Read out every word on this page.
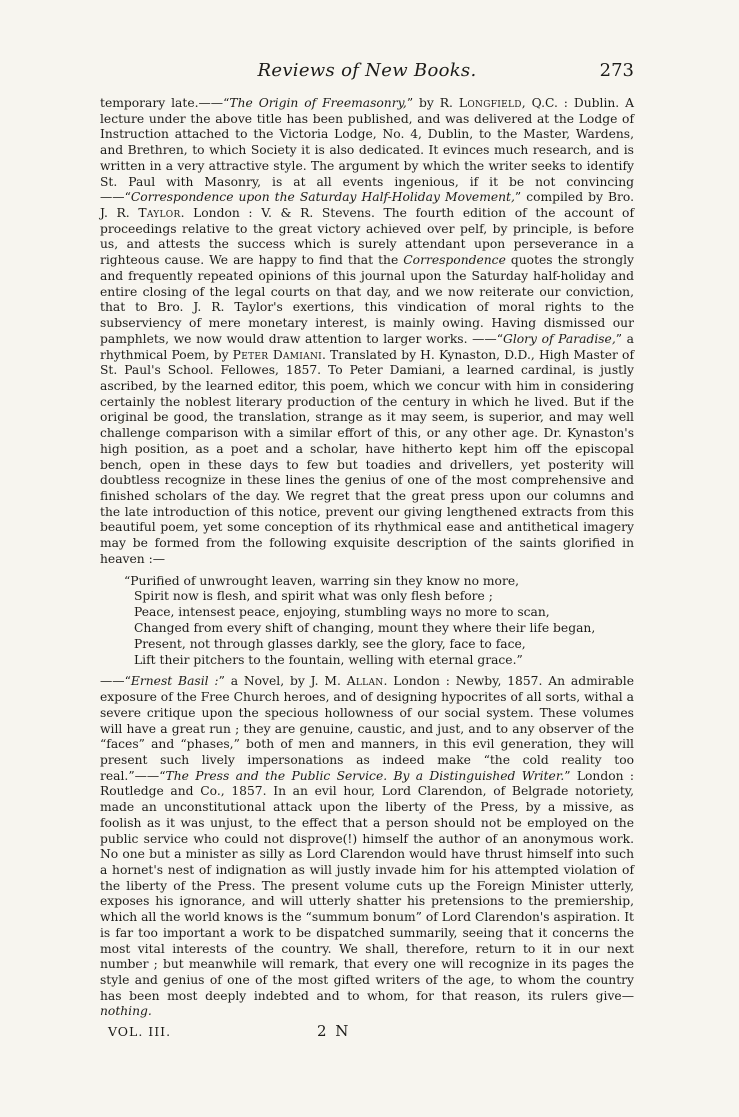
Reviews of New Books.	273

temporary late.——“The Origin of Freemasonry,” by R. Longfield, Q.C. : Dublin. A lecture under the above title has been published, and was delivered at the Lodge of Instruction attached to the Victoria Lodge, No. 4, Dublin, to the Master, Wardens, and Brethren, to which Society it is also dedicated. It evinces much research, and is written in a very attractive style. The argument by which the writer seeks to identify St. Paul with Masonry, is at all events ingenious, if it be not convincing——“Correspondence upon the Saturday Half-Holiday Movement,” compiled by Bro. J. R. Taylor. London : V. & R. Stevens. The fourth edition of the account of proceedings relative to the great victory achieved over pelf, by principle, is before us, and attests the success which is surely attendant upon perseverance in a righteous cause. We are happy to find that the Correspondence quotes the strongly and frequently repeated opinions of this journal upon the Saturday half-holiday and entire closing of the legal courts on that day, and we now reiterate our conviction, that to Bro. J. R. Taylor's exertions, this vindication of moral rights to the subserviency of mere monetary interest, is mainly owing. Having dismissed our pamphlets, we now would draw attention to larger works. ——“Glory of Paradise,” a rhythmical Poem, by Peter Damiani. Translated by H. Kynaston, D.D., High Master of St. Paul's School. Fellowes, 1857. To Peter Damiani, a learned cardinal, is justly ascribed, by the learned editor, this poem, which we concur with him in considering certainly the noblest literary production of the century in which he lived. But if the original be good, the translation, strange as it may seem, is superior, and may well challenge comparison with a similar effort of this, or any other age. Dr. Kynaston's high position, as a poet and a scholar, have hitherto kept him off the episcopal bench, open in these days to few but toadies and drivellers, yet posterity will doubtless recognize in these lines the genius of one of the most comprehensive and finished scholars of the day. We regret that the great press upon our columns and the late introduction of this notice, prevent our giving lengthened extracts from this beautiful poem, yet some conception of its rhythmical ease and antithetical imagery may be formed from the following exquisite description of the saints glorified in heaven :—

“Purified of unwrought leaven, warring sin they know no more,
Spirit now is flesh, and spirit what was only flesh before ;
Peace, intensest peace, enjoying, stumbling ways no more to scan,
Changed from every shift of changing, mount they where their life began,
Present, not through glasses darkly, see the glory, face to face,
Lift their pitchers to the fountain, welling with eternal grace.”

——“Ernest Basil :” a Novel, by J. M. Allan. London : Newby, 1857. An admirable exposure of the Free Church heroes, and of designing hypocrites of all sorts, withal a severe critique upon the specious hollowness of our social system. These volumes will have a great run ; they are genuine, caustic, and just, and to any observer of the “faces” and “phases,” both of men and manners, in this evil generation, they will present such lively impersonations as indeed make “the cold reality too real.”——“The Press and the Public Service. By a Distinguished Writer.” London : Routledge and Co., 1857. In an evil hour, Lord Clarendon, of Belgrade notoriety, made an unconstitutional attack upon the liberty of the Press, by a missive, as foolish as it was unjust, to the effect that a person should not be employed on the public service who could not disprove(!) himself the author of an anonymous work. No one but a minister as silly as Lord Clarendon would have thrust himself into such a hornet's nest of indignation as will justly invade him for his attempted violation of the liberty of the Press. The present volume cuts up the Foreign Minister utterly, exposes his ignorance, and will utterly shatter his pretensions to the premiership, which all the world knows is the “summum bonum” of Lord Clarendon's aspiration. It is far too important a work to be dispatched summarily, seeing that it concerns the most vital interests of the country. We shall, therefore, return to it in our next number ; but meanwhile will remark, that every one will recognize in its pages the style and genius of one of the most gifted writers of the age, to whom the country has been most deeply indebted and to whom, for that reason, its rulers give—nothing.

VOL. III.	2 N
